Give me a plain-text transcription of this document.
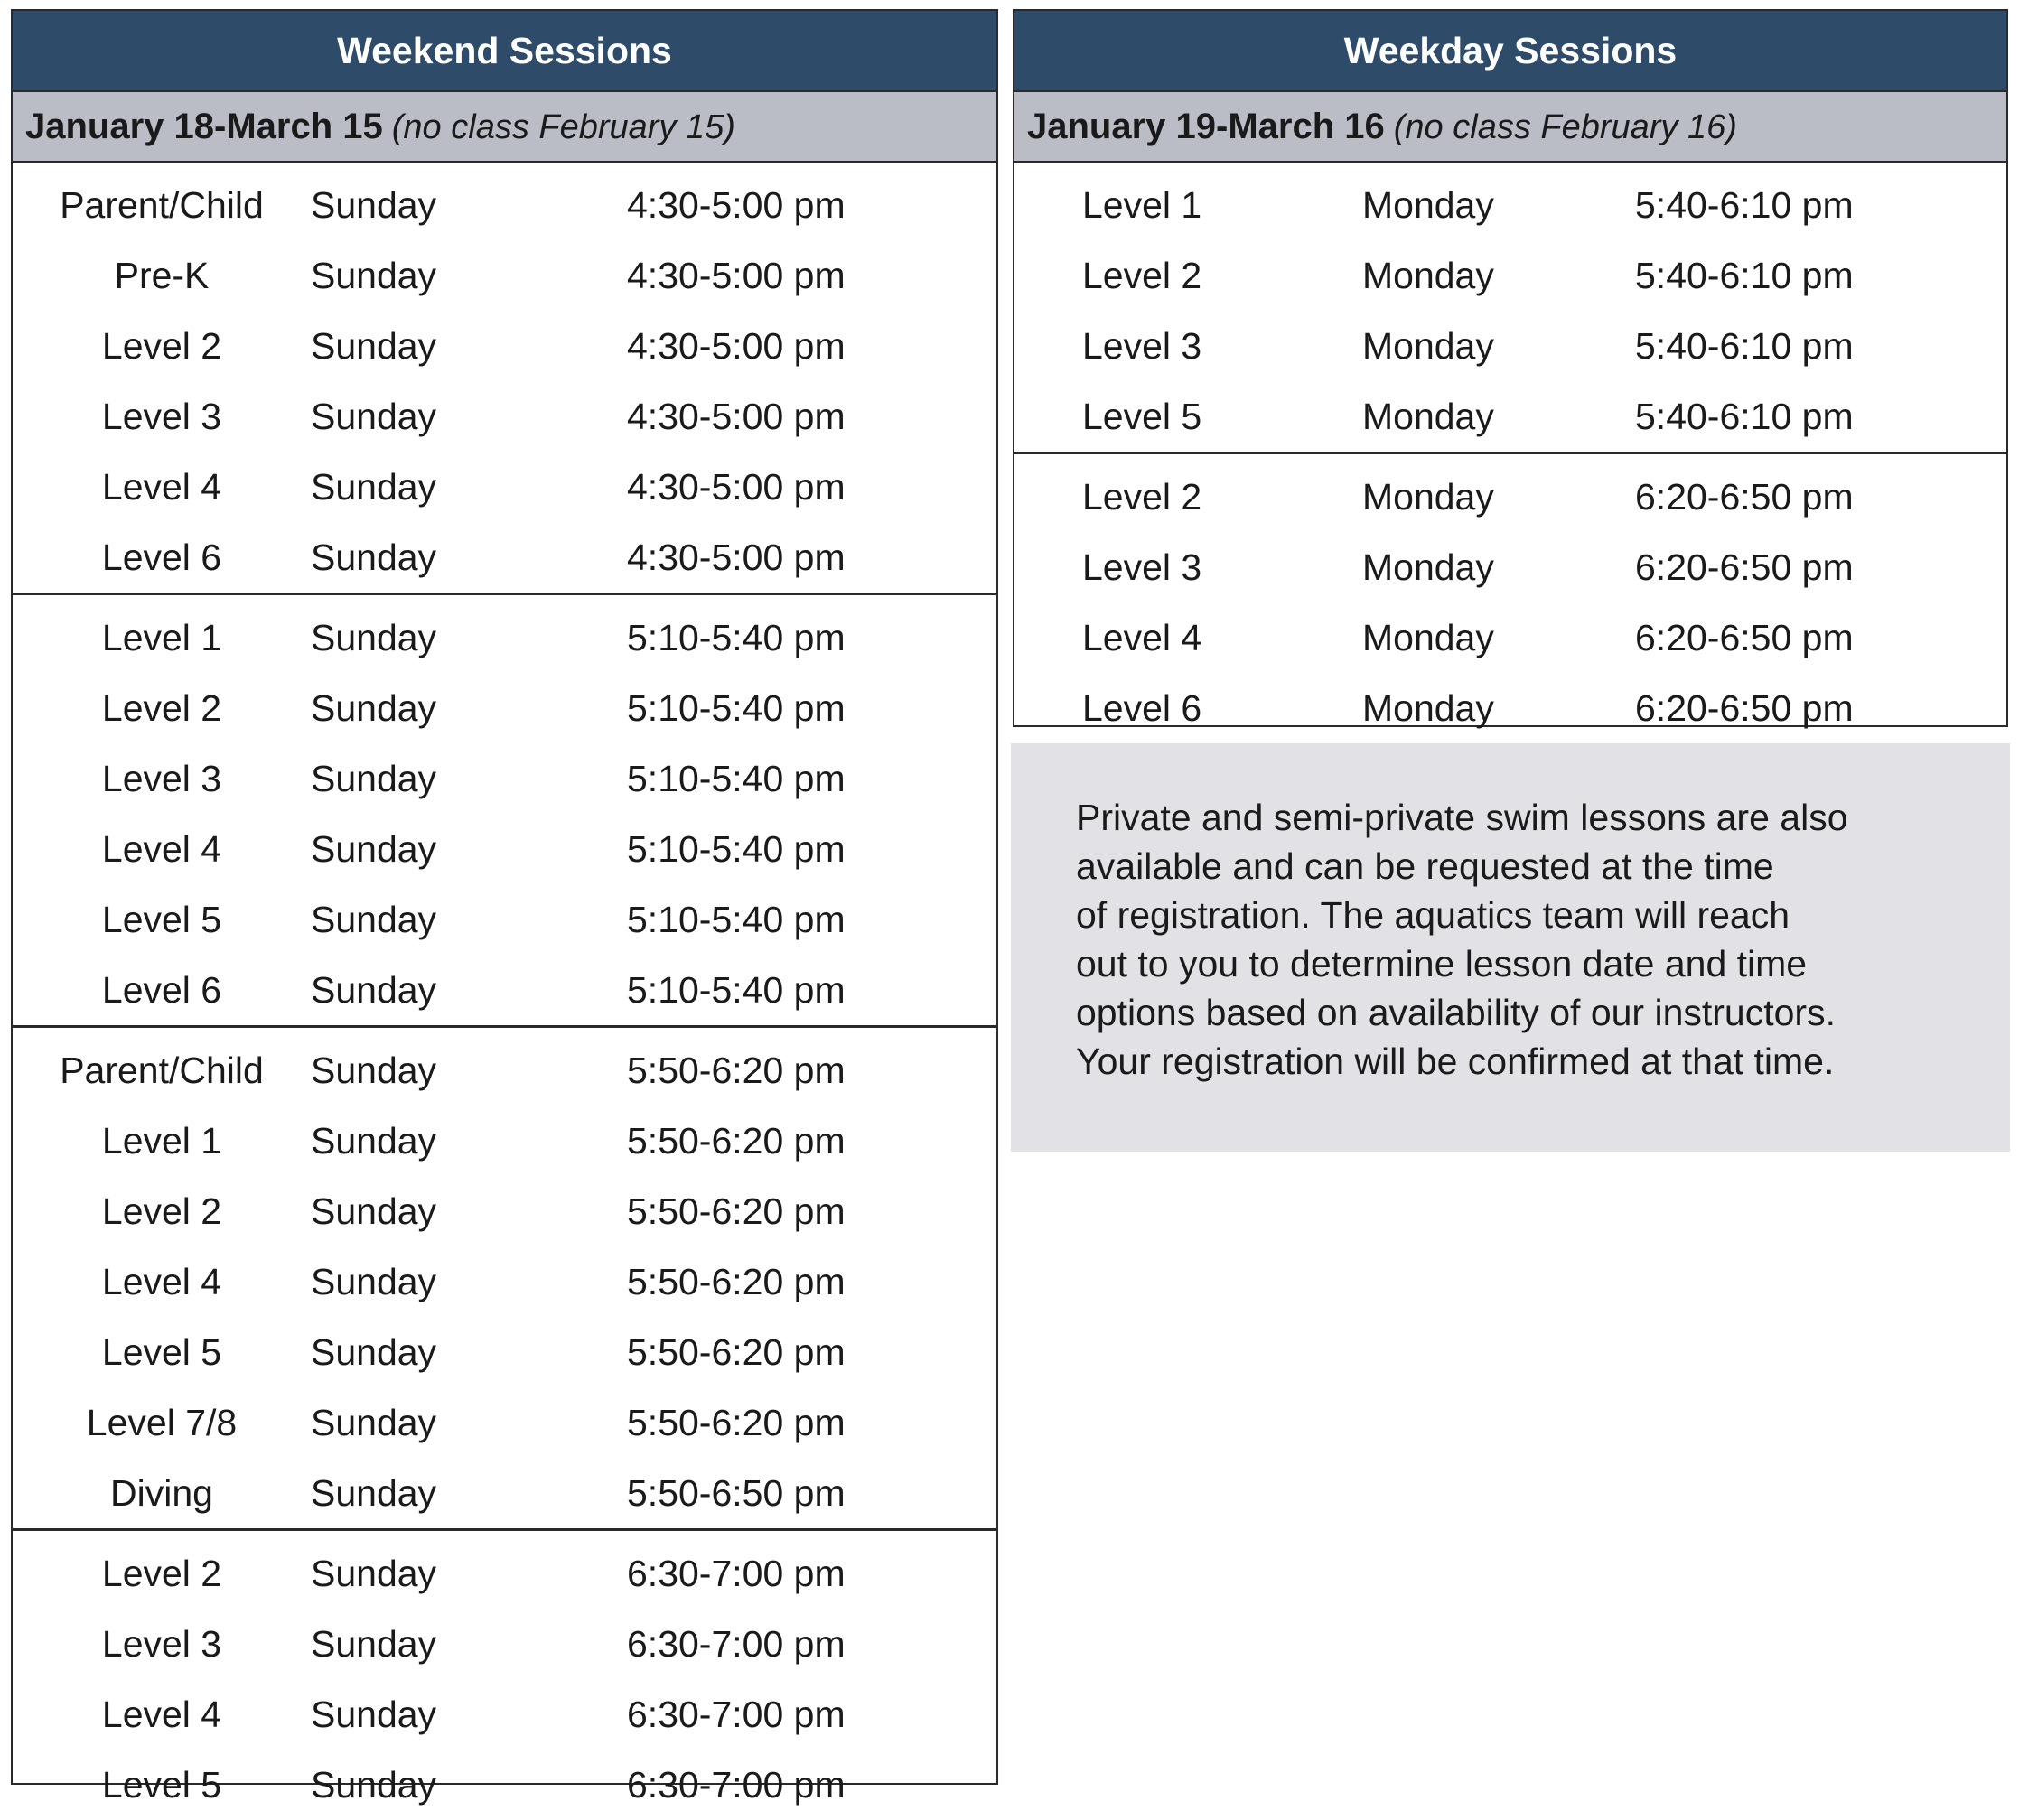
Weekend Sessions
January 18-March 15 (no class February 15)
Parent/Child	Sunday	4:30-5:00 pm
Pre-K	Sunday	4:30-5:00 pm
Level 2	Sunday	4:30-5:00 pm
Level 3	Sunday	4:30-5:00 pm
Level 4	Sunday	4:30-5:00 pm
Level 6	Sunday	4:30-5:00 pm
Level 1	Sunday	5:10-5:40 pm
Level 2	Sunday	5:10-5:40 pm
Level 3	Sunday	5:10-5:40 pm
Level 4	Sunday	5:10-5:40 pm
Level 5	Sunday	5:10-5:40 pm
Level 6	Sunday	5:10-5:40 pm
Parent/Child	Sunday	5:50-6:20 pm
Level 1	Sunday	5:50-6:20 pm
Level 2	Sunday	5:50-6:20 pm
Level 4	Sunday	5:50-6:20 pm
Level 5	Sunday	5:50-6:20 pm
Level 7/8	Sunday	5:50-6:20 pm
Diving	Sunday	5:50-6:50 pm
Level 2	Sunday	6:30-7:00 pm
Level 3	Sunday	6:30-7:00 pm
Level 4	Sunday	6:30-7:00 pm
Level 5	Sunday	6:30-7:00 pm
Weekday Sessions
January 19-March 16 (no class February 16)
Level 1	Monday	5:40-6:10 pm
Level 2	Monday	5:40-6:10 pm
Level 3	Monday	5:40-6:10 pm
Level 5	Monday	5:40-6:10 pm
Level 2	Monday	6:20-6:50 pm
Level 3	Monday	6:20-6:50 pm
Level 4	Monday	6:20-6:50 pm
Level 6	Monday	6:20-6:50 pm

Private and semi-private swim lessons are also

available and can be requested at the time

of registration. The aquatics team will reach

out to you to determine lesson date and time

options based on availability of our instructors.

Your registration will be confirmed at that time.
